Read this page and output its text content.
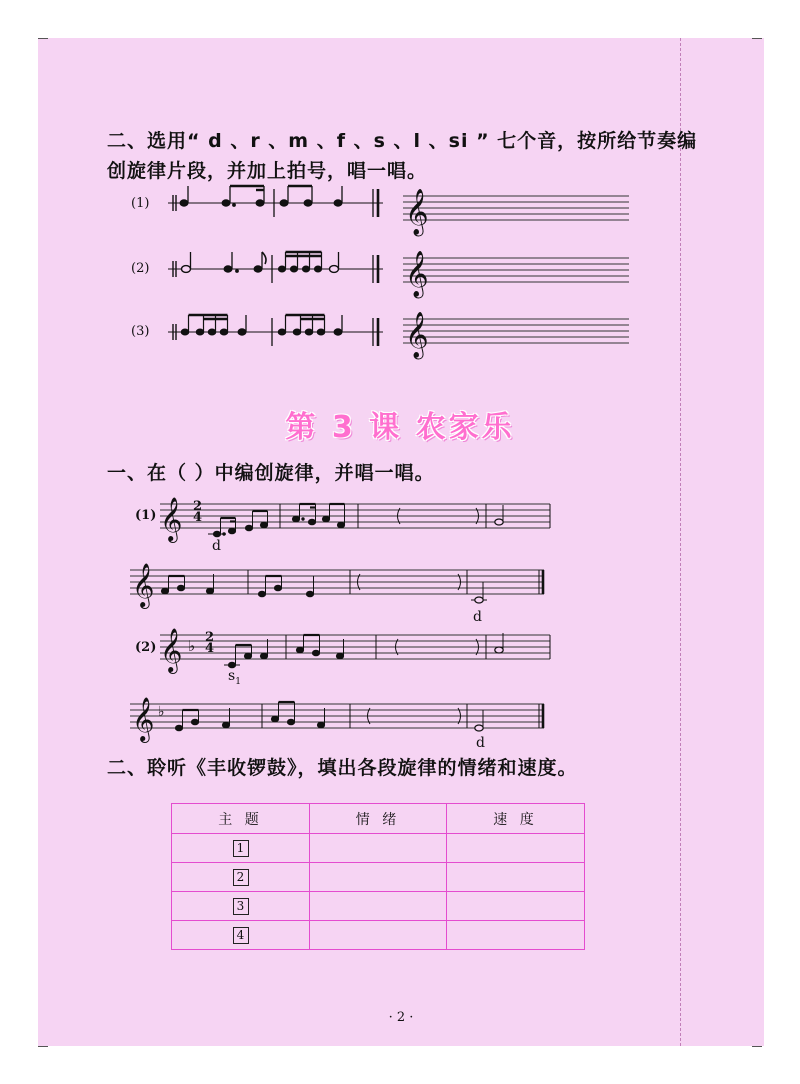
· 2 ·
二、选用“ d 、r 、m 、f 、s 、l 、si ” 七个音，按所给节奏编
创旋律片段，并加上拍号，唱一唱。
(1)
(2)
(3)
𝄞
𝄞
𝄞
第 3 课 农家乐
一、在（ ）中编创旋律，并唱一唱。
(1) 𝄞 2
4
d
𝄞
d
(2) 𝄞 ♭ 2
4
$s_1$
𝄞 ♭
d
二、聆听《丰收锣鼓》，填出各段旋律的情绪和速度。
主 题	情 绪	速 度
1		
2		
3		
4		
